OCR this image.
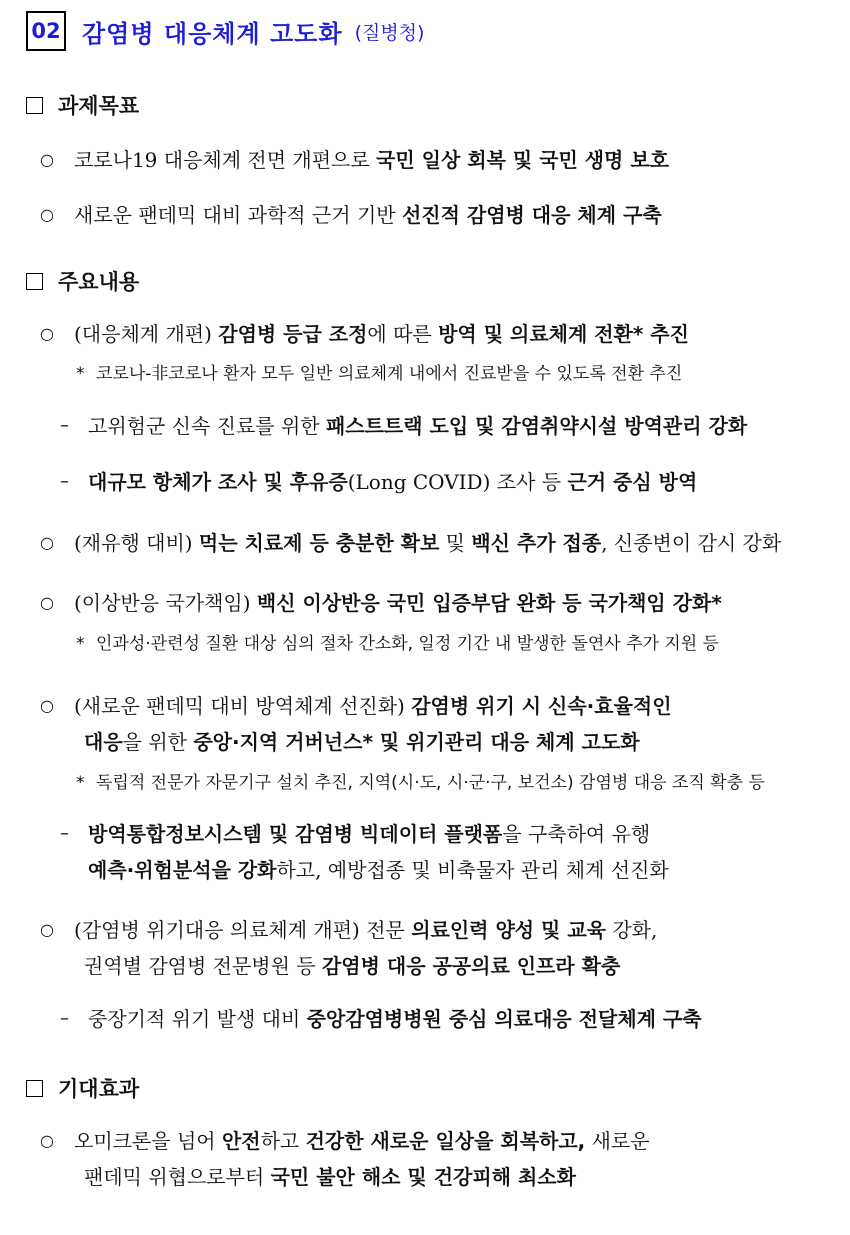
02 감염병 대응체계 고도화 (질병청)
과제목표
○ 코로나19 대응체계 전면 개편으로 국민 일상 회복 및 국민 생명 보호
○ 새로운 팬데믹 대비 과학적 근거 기반 선진적 감염병 대응 체계 구축
주요내용
○ (대응체계 개편) 감염병 등급 조정에 따른 방역 및 의료체계 전환* 추진
* 코로나-非코로나 환자 모두 일반 의료체계 내에서 진료받을 수 있도록 전환 추진
– 고위험군 신속 진료를 위한 패스트트랙 도입 및 감염취약시설 방역관리 강화
– 대규모 항체가 조사 및 후유증(Long COVID) 조사 등 근거 중심 방역
○ (재유행 대비) 먹는 치료제 등 충분한 확보 및 백신 추가 접종, 신종변이 감시 강화
○ (이상반응 국가책임) 백신 이상반응 국민 입증부담 완화 등 국가책임 강화*
* 인과성·관련성 질환 대상 심의 절차 간소화, 일정 기간 내 발생한 돌연사 추가 지원 등
○ (새로운 팬데믹 대비 방역체계 선진화) 감염병 위기 시 신속·효율적인
대응을 위한 중앙·지역 거버넌스* 및 위기관리 대응 체계 고도화
* 독립적 전문가 자문기구 설치 추진, 지역(시·도, 시·군·구, 보건소) 감염병 대응 조직 확충 등
– 방역통합정보시스템 및 감염병 빅데이터 플랫폼을 구축하여 유행
예측·위험분석을 강화하고, 예방접종 및 비축물자 관리 체계 선진화
○ (감염병 위기대응 의료체계 개편) 전문 의료인력 양성 및 교육 강화,
권역별 감염병 전문병원 등 감염병 대응 공공의료 인프라 확충
– 중장기적 위기 발생 대비 중앙감염병병원 중심 의료대응 전달체계 구축
기대효과
○ 오미크론을 넘어 안전하고 건강한 새로운 일상을 회복하고, 새로운
팬데믹 위협으로부터 국민 불안 해소 및 건강피해 최소화
